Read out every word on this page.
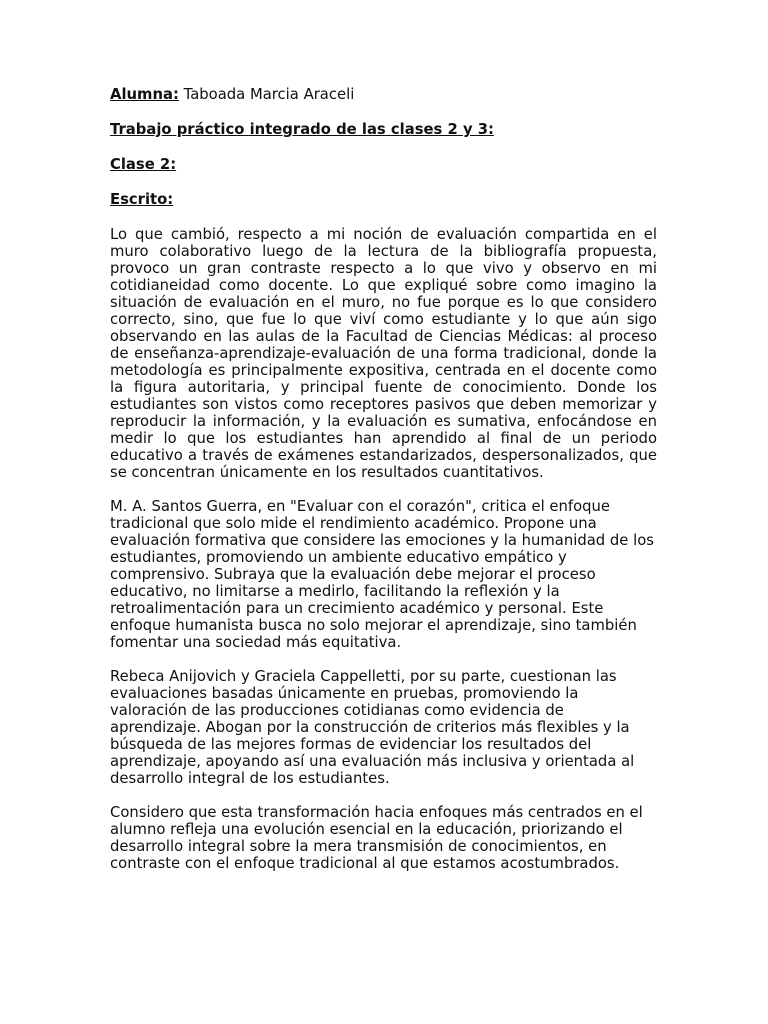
Alumna: Taboada Marcia Araceli
Trabajo práctico integrado de las clases 2 y 3:
Clase 2:
Escrito:

Lo que cambió, respecto a mi noción de evaluación compartida en el muro colaborativo luego de la lectura de la bibliografía propuesta, provoco un gran contraste respecto a lo que vivo y observo en mi cotidianeidad como docente. Lo que expliqué sobre como imagino la situación de evaluación en el muro, no fue porque es lo que considero correcto, sino, que fue lo que viví como estudiante y lo que aún sigo observando en las aulas de la Facultad de Ciencias Médicas: al proceso de enseñanza-aprendizaje-evaluación de una forma tradicional, donde la metodología es principalmente expositiva, centrada en el docente como la figura autoritaria, y principal fuente de conocimiento. Donde los estudiantes son vistos como receptores pasivos que deben memorizar y reproducir la información, y la evaluación es sumativa, enfocándose en medir lo que los estudiantes han aprendido al final de un periodo educativo a través de exámenes estandarizados, despersonalizados, que se concentran únicamente en los resultados cuantitativos.

M. A. Santos Guerra, en "Evaluar con el corazón", critica el enfoque tradicional que solo mide el rendimiento académico. Propone una evaluación formativa que considere las emociones y la humanidad de los estudiantes, promoviendo un ambiente educativo empático y comprensivo. Subraya que la evaluación debe mejorar el proceso educativo, no limitarse a medirlo, facilitando la reflexión y la retroalimentación para un crecimiento académico y personal. Este enfoque humanista busca no solo mejorar el aprendizaje, sino también fomentar una sociedad más equitativa.

Rebeca Anijovich y Graciela Cappelletti, por su parte, cuestionan las evaluaciones basadas únicamente en pruebas, promoviendo la valoración de las producciones cotidianas como evidencia de aprendizaje. Abogan por la construcción de criterios más flexibles y la búsqueda de las mejores formas de evidenciar los resultados del aprendizaje, apoyando así una evaluación más inclusiva y orientada al desarrollo integral de los estudiantes.

Considero que esta transformación hacia enfoques más centrados en el alumno refleja una evolución esencial en la educación, priorizando el desarrollo integral sobre la mera transmisión de conocimientos, en contraste con el enfoque tradicional al que estamos acostumbrados.
